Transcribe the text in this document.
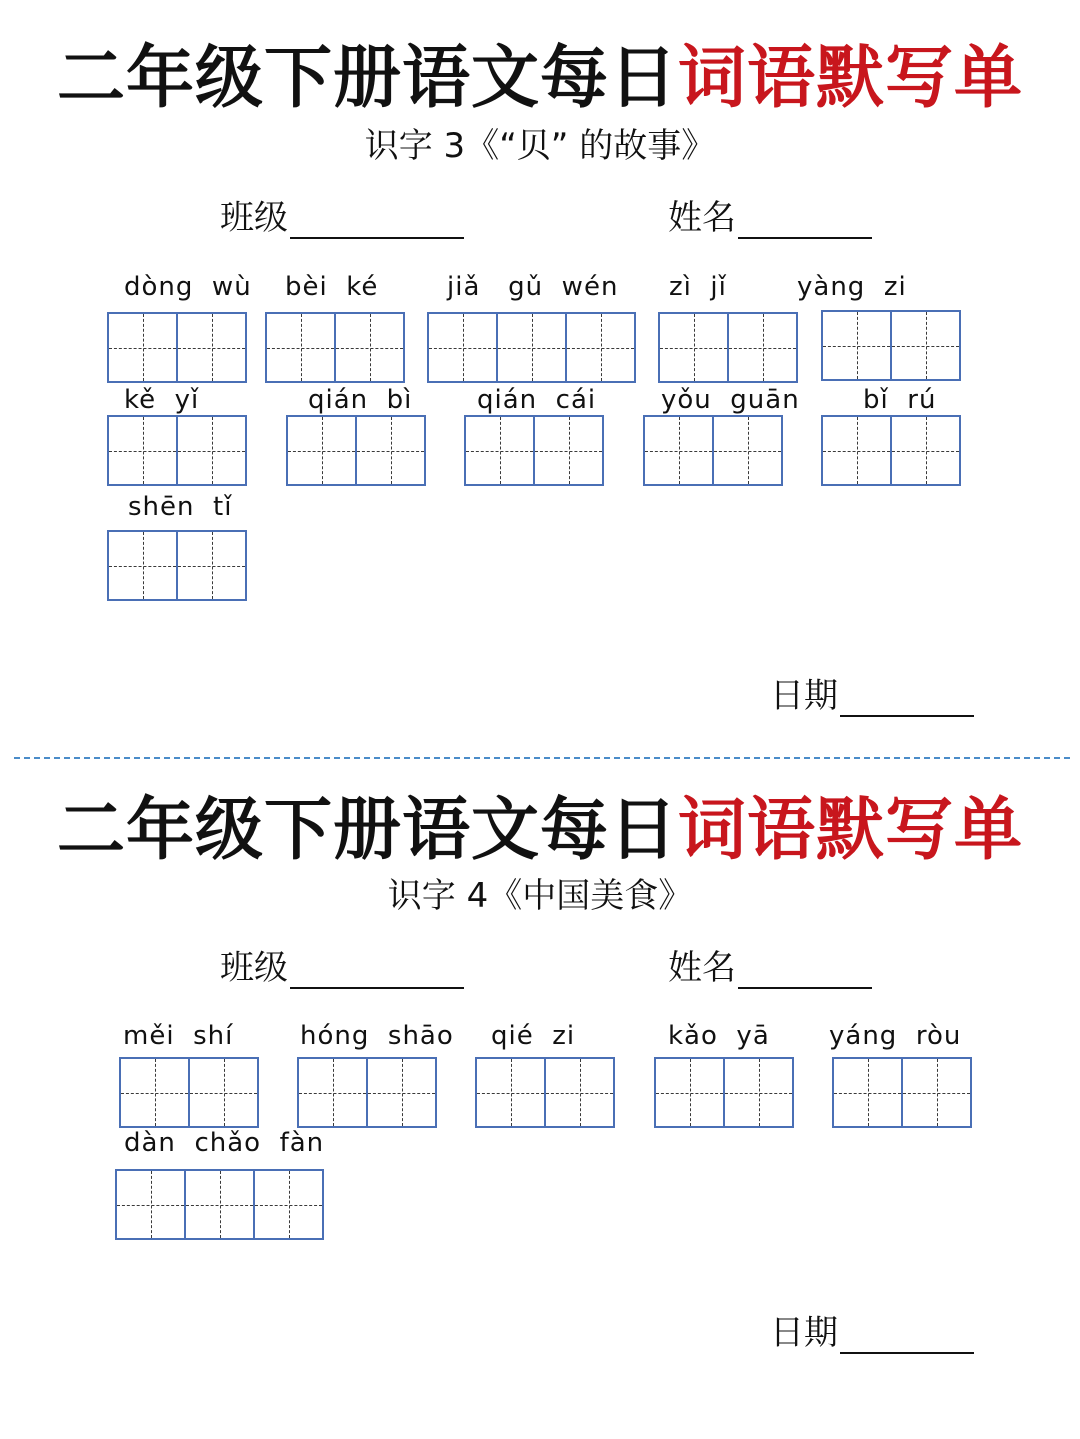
二年级下册语文每日词语默写单
识字 3《“贝” 的故事》
班级	姓名
dòng  wù bèi  ké	jiǎ   gǔ  wén zì  jǐ	yàng  zi
kě  yǐ	qián  bì qián  cái yǒu  guān bǐ  rú
shēn  tǐ
日期
二年级下册语文每日词语默写单
识字 4《中国美食》
班级	姓名
měi  shí	hóng  shāo qié  zi	kǎo  yā yáng  ròu
dàn  chǎo  fàn
日期
